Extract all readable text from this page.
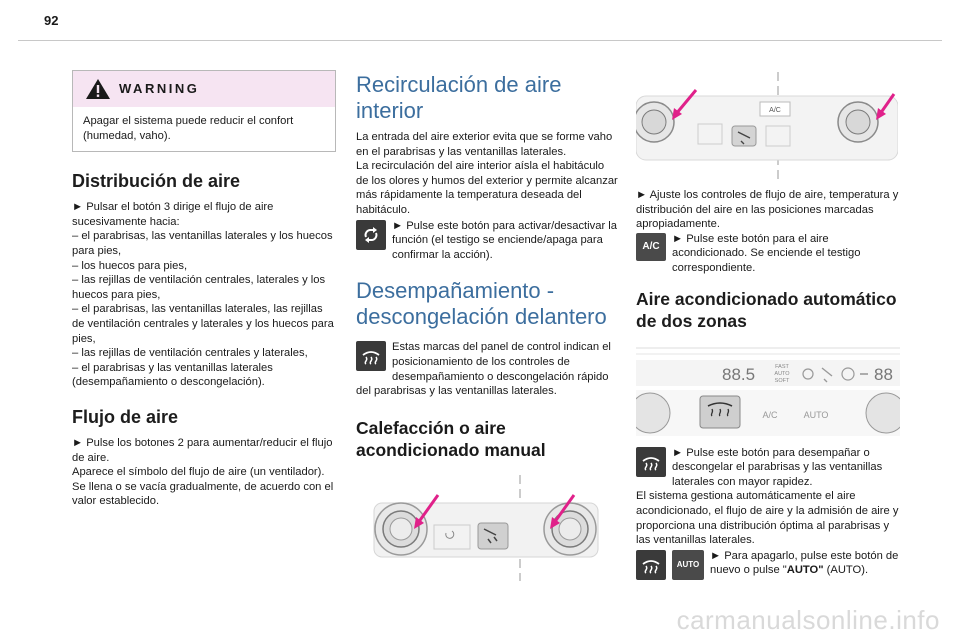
92
WARNING

Apagar el sistema puede reducir el confort (humedad, vaho).

Distribución de aire

► Pulsar el botón 3 dirige el flujo de aire sucesivamente hacia:

– el parabrisas, las ventanillas laterales y los huecos para pies,

– los huecos para pies,

– las rejillas de ventilación centrales, laterales y los huecos para pies,

– el parabrisas, las ventanillas laterales, las rejillas de ventilación centrales y laterales y los huecos para pies,

– las rejillas de ventilación centrales y laterales,

– el parabrisas y las ventanillas laterales (desempañamiento o descongelación).

Flujo de aire

► Pulse los botones 2 para aumentar/reducir el flujo de aire.

Aparece el símbolo del flujo de aire (un ventilador). Se llena o se vacía gradualmente, de acuerdo con el valor establecido.

Recirculación de aire interior

La entrada del aire exterior evita que se forme vaho en el parabrisas y las ventanillas laterales.

La recirculación del aire interior aísla el habitáculo de los olores y humos del exterior y permite alcanzar más rápidamente la temperatura deseada del habitáculo.

► Pulse este botón para activar/desactivar la función (el testigo se enciende/apaga para confirmar la acción).

Desempañamiento - descongelación delantero

Estas marcas del panel de control indican el posicionamiento de los controles de desempañamiento o descongelación rápido del parabrisas y las ventanillas laterales.

Calefacción o aire acondicionado manual
A/C

► Ajuste los controles de flujo de aire, temperatura y distribución del aire en las posiciones marcadas apropiadamente.

A/C

► Pulse este botón para el aire acondicionado. Se enciende el testigo correspondiente.

Aire acondicionado automático de dos zonas
88.5	FAST
AUTO
SOFT	88
A/C	AUTO

► Pulse este botón para desempañar o descongelar el parabrisas y las ventanillas laterales con mayor rapidez.

El sistema gestiona automáticamente el aire acondicionado, el flujo de aire y la admisión de aire y proporciona una distribución óptima al parabrisas y las ventanillas laterales.

AUTO

► Para apagarlo, pulse este botón de nuevo o pulse "AUTO" (AUTO).

carmanualsonline.info
